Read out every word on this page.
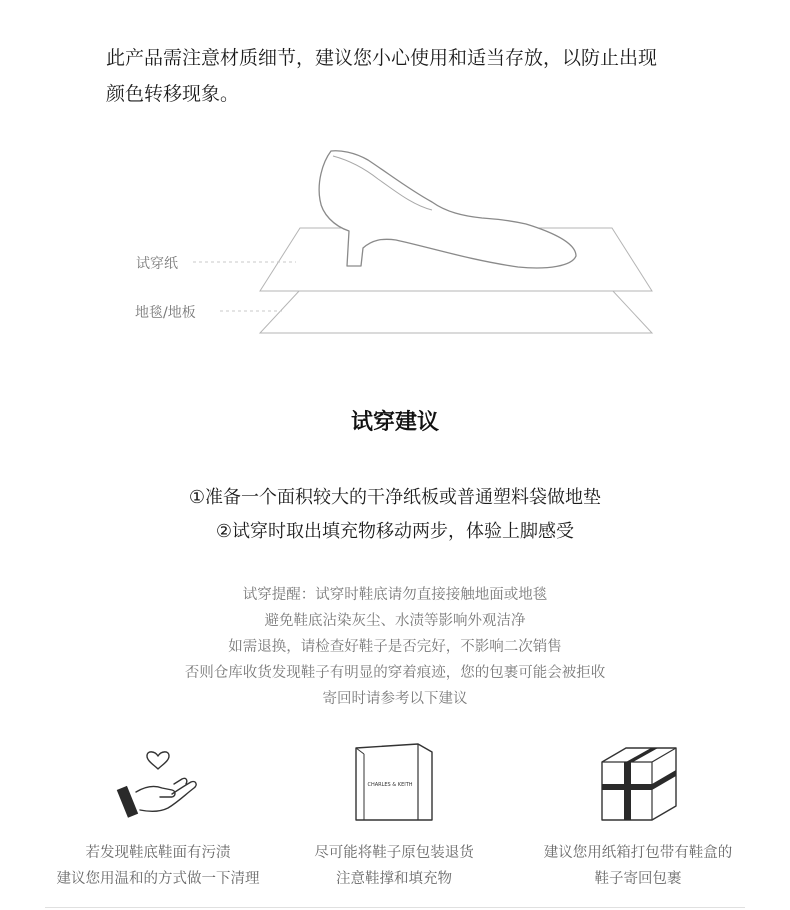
此产品需注意材质细节，建议您小心使用和适当存放，以防止出现
颜色转移现象。
试穿纸
地毯/地板
试穿建议
①准备一个面积较大的干净纸板或普通塑料袋做地垫
②试穿时取出填充物移动两步，体验上脚感受
试穿提醒：试穿时鞋底请勿直接接触地面或地毯
避免鞋底沾染灰尘、水渍等影响外观洁净
如需退换，请检查好鞋子是否完好，不影响二次销售
否则仓库收货发现鞋子有明显的穿着痕迹，您的包裹可能会被拒收
寄回时请参考以下建议
若发现鞋底鞋面有污渍
建议您用温和的方式做一下清理
CHARLES & KEITH
尽可能将鞋子原包装退货
注意鞋撑和填充物
建议您用纸箱打包带有鞋盒的
鞋子寄回包裹
